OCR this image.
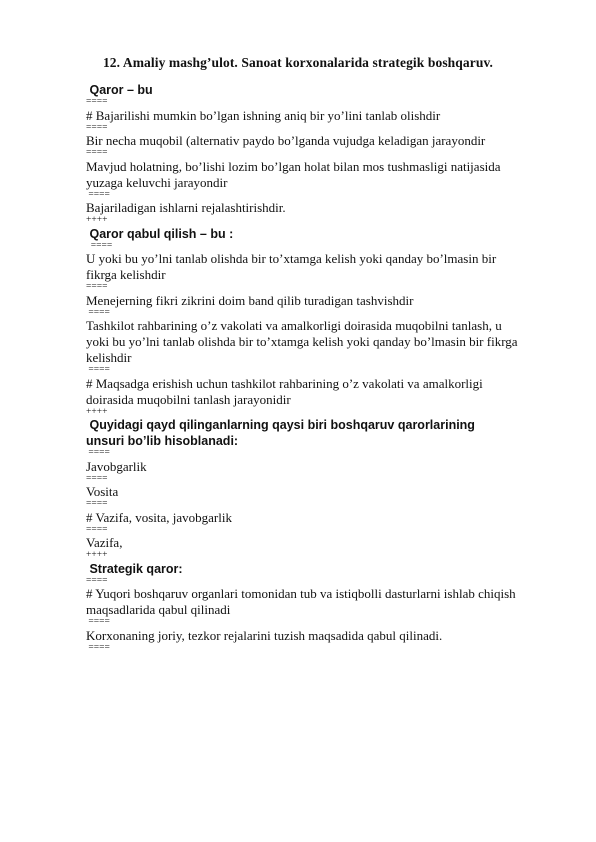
12. Amaliy mashg’ulot. Sanoat korxonalarida strategik boshqaruv.
Qaror – bu
====
# Bajarilishi mumkin bo’lgan ishning aniq bir yo’lini tanlab olishdir
====
Bir necha muqobil (alternativ paydo bo’lganda vujudga keladigan jarayondir
====
Mavjud holatning, bo’lishi lozim bo’lgan holat bilan mos tushmasligi natijasida
yuzaga keluvchi jarayondir
====
Bajariladigan ishlarni rejalashtirishdir.
++++
Qaror qabul qilish – bu :
====
U yoki bu yo’lni tanlab olishda bir to’xtamga kelish yoki qanday bo’lmasin bir
fikrga kelishdir
====
Menejerning fikri zikrini doim band qilib turadigan tashvishdir
====
Tashkilot rahbarining o’z vakolati va amalkorligi doirasida muqobilni tanlash, u
yoki bu yo’lni tanlab olishda bir to’xtamga kelish yoki qanday bo’lmasin bir fikrga
kelishdir
====
# Maqsadga erishish uchun tashkilot rahbarining o’z vakolati va amalkorligi
doirasida muqobilni tanlash jarayonidir
++++
Quyidagi qayd qilinganlarning qaysi biri boshqaruv qarorlarining
unsuri bo’lib hisoblanadi:
====
Javobgarlik
====
Vosita
====
# Vazifa, vosita, javobgarlik
====
Vazifa,
++++
Strategik qaror:
====
# Yuqori boshqaruv organlari tomonidan tub va istiqbolli dasturlarni ishlab chiqish
maqsadlarida qabul qilinadi
====
Korxonaning joriy, tezkor rejalarini tuzish maqsadida qabul qilinadi.
====
